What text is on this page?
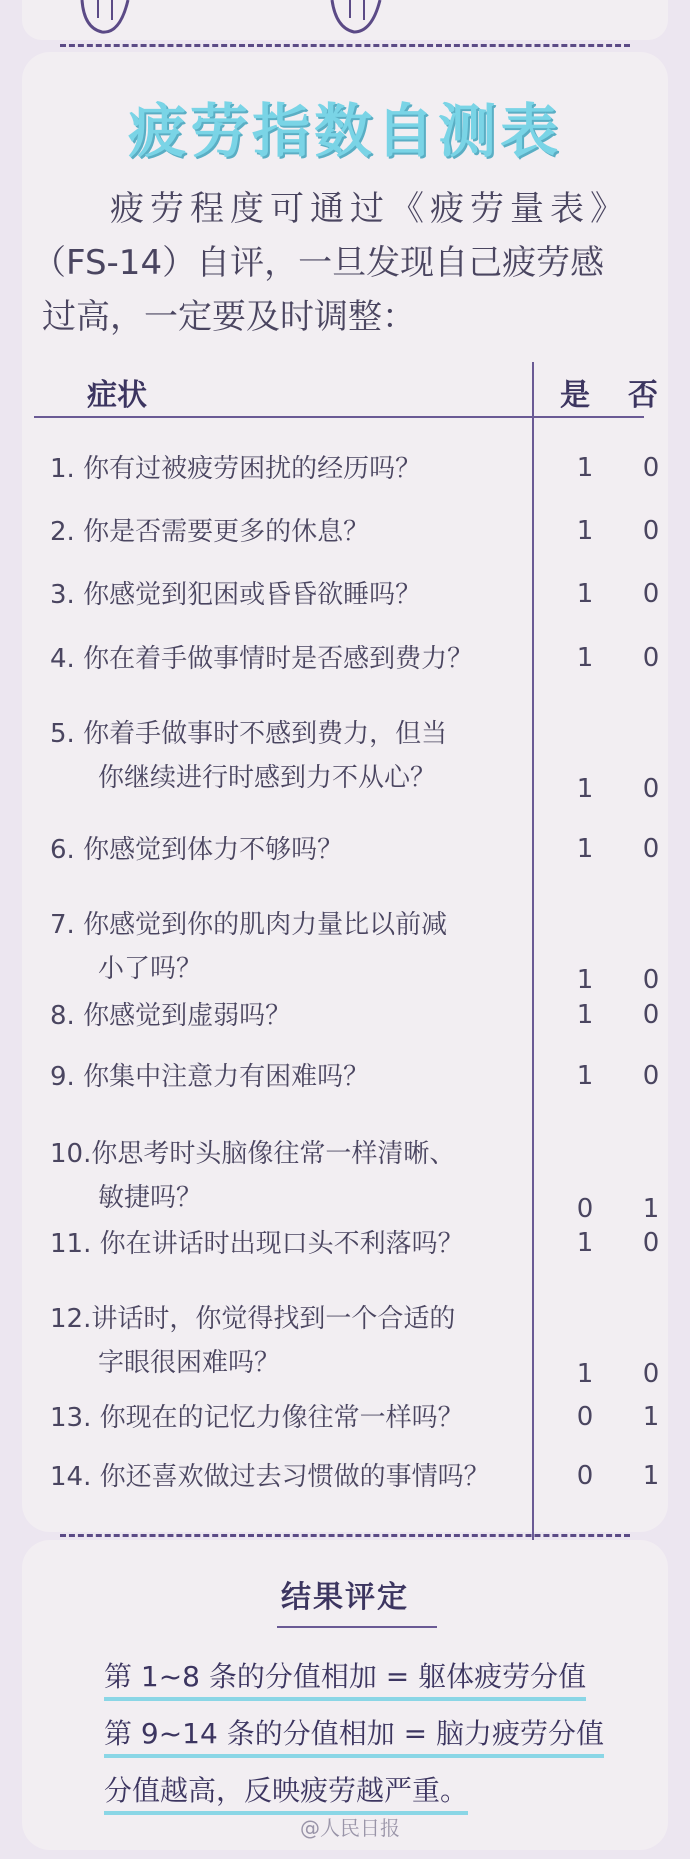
疲劳指数自测表

疲劳程度可通过《疲劳量表》

（FS-14）自评，一旦发现自己疲劳感

过高，一定要及时调整：

症状	是 否
1. 你有过被疲劳困扰的经历吗？	1	0
2. 你是否需要更多的休息？	1	0
3. 你感觉到犯困或昏昏欲睡吗？	1	0
4. 你在着手做事情时是否感到费力？	1	0
5. 你着手做事时不感到费力，但当
你继续进行时感到力不从心？	1	0
6. 你感觉到体力不够吗？	1	0
7. 你感觉到你的肌肉力量比以前减
小了吗？	1	0
8. 你感觉到虚弱吗？	1	0
9. 你集中注意力有困难吗？	1	0
10.你思考时头脑像往常一样清晰、
敏捷吗？	0	1
11. 你在讲话时出现口头不利落吗？	1	0
12.讲话时，你觉得找到一个合适的
字眼很困难吗？	1	0
13. 你现在的记忆力像往常一样吗？	0	1
14. 你还喜欢做过去习惯做的事情吗？	0	1
结果评定
第 1~8 条的分值相加 = 躯体疲劳分值
第 9~14 条的分值相加 = 脑力疲劳分值
分值越高，反映疲劳越严重。
@人民日报
